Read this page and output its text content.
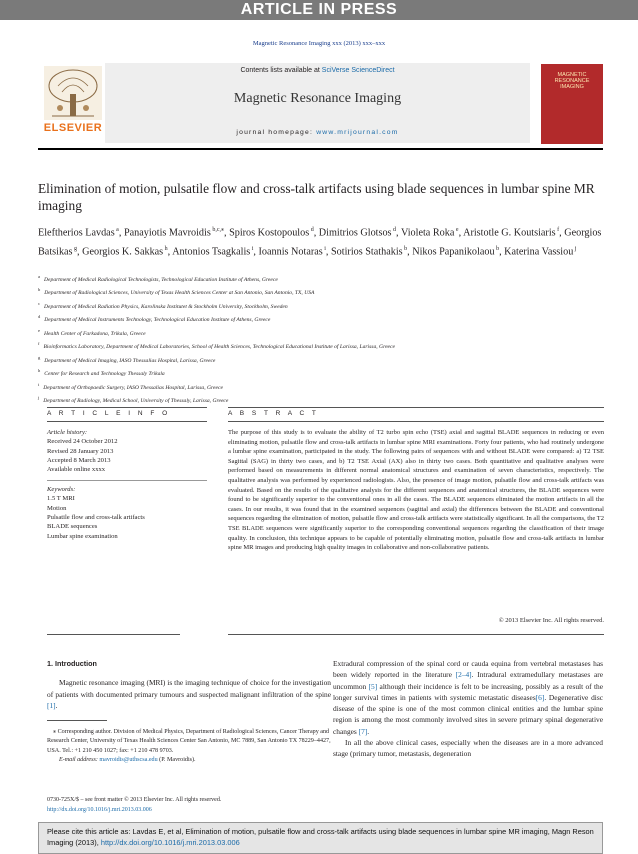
ARTICLE IN PRESS
Magnetic Resonance Imaging xxx (2013) xxx–xxx
Contents lists available at SciVerse ScienceDirect
Magnetic Resonance Imaging
journal homepage: www.mrijournal.com
ELSEVIER
MAGNETIC RESONANCE IMAGING
Elimination of motion, pulsatile flow and cross-talk artifacts using blade sequences in lumbar spine MR imaging
Eleftherios Lavdas $^a$, Panayiotis Mavroidis $^{b,c,⁎}$, Spiros Kostopoulos $^d$, Dimitrios Glotsos $^d$, Violeta Roka $^e$, Aristotle G. Koutsiaris $^f$, Georgios Batsikas $^g$, Georgios K. Sakkas $^h$, Antonios Tsagkalis $^i$, Ioannis Notaras $^i$, Sotirios Stathakis $^b$, Nikos Papanikolaou $^b$, Katerina Vassiou $^j$
$^a$Department of Medical Radiological Technologists, Technological Education Institute of Athens, Greece
$^b$Department of Radiological Sciences, University of Texas Health Sciences Center at San Antonio, San Antonio, TX, USA
$^c$Department of Medical Radiation Physics, Karolinska Institutet & Stockholm University, Stockholm, Sweden
$^d$Department of Medical Instruments Technology, Technological Education Institute of Athens, Greece
$^e$Health Center of Farkadona, Trikala, Greece
$^f$Bioinformatics Laboratory, Department of Medical Laboratories, School of Health Sciences, Technological Educational Institute of Larissa, Larissa, Greece
$^g$Department of Medical Imaging, IASO Thessalias Hospital, Larissa, Greece
$^h$Center for Research and Technology Thessaly Trikala
$^i$Department of Orthopaedic Surgery, IASO Thessalias Hospital, Larissa, Greece
$^j$Department of Radiology, Medical School, University of Thessaly, Larissa, Greece
A R T I C L E I N F O	A B S T R A C T
Article history:
Received 24 October 2012
Revised 28 January 2013
Accepted 8 March 2013
Available online xxxx
Keywords:
1.5 T MRI
Motion
Pulsatile flow and cross-talk artifacts
BLADE sequences
Lumbar spine examination
The purpose of this study is to evaluate the ability of T2 turbo spin echo (TSE) axial and sagittal BLADE sequences in reducing or even eliminating motion, pulsatile flow and cross-talk artifacts in lumbar spine MRI examinations. Forty four patients, who had routinely undergone a lumbar spine examination, participated in the study. The following pairs of sequences with and without BLADE were compared: a) T2 TSE Sagittal (SAG) in thirty two cases, and b) T2 TSE Axial (AX) also in thirty two cases. Both quantitative and qualitative analyses were performed based on measurements in different normal anatomical structures and examination of seven characteristics, respectively. The qualitative analysis was performed by experienced radiologists. Also, the presence of image motion, pulsatile flow and cross-talk artifacts was evaluated. Based on the results of the qualitative analysis for the different sequences and anatomical structures, the BLADE sequences were found to be significantly superior to the conventional ones in all the cases. The BLADE sequences eliminated the motion artifacts in all the cases. In our results, it was found that in the examined sequences (sagittal and axial) the differences between the BLADE and conventional sequences regarding the elimination of motion, pulsatile flow and cross-talk artifacts were statistically significant. In all the comparisons, the T2 TSE BLADE sequences were significantly superior to the corresponding conventional sequences regarding the classification of their image quality. In conclusion, this technique appears to be capable of potentially eliminating motion, pulsatile flow and cross-talk artifacts in lumbar spine MR images and producing high quality images in collaborative and non-collaborative patients.
© 2013 Elsevier Inc. All rights reserved.
1. Introduction
Magnetic resonance imaging (MRI) is the imaging technique of choice for the investigation of patients with documented primary tumours and suspected malignant infiltration of the spine [1].
⁎ Corresponding author. Division of Medical Physics, Department of Radiological Sciences, Cancer Therapy and Research Center, University of Texas Health Sciences Center San Antonio, MC 7889, San Antonio TX 78229–4427, USA. Tel.: +1 210 450 1027; fax: +1 210 478 9703.
E-mail address: mavroidis@uthscsa.edu (P. Mavroidis).
0730-725X/$ – see front matter © 2013 Elsevier Inc. All rights reserved.
http://dx.doi.org/10.1016/j.mri.2013.03.006
Extradural compression of the spinal cord or cauda equina from vertebral metastases has been widely reported in the literature [2–4]. Intradural extramedullary metastases are uncommon [5] although their incidence is felt to be increasing, possibly as a result of the longer survival times in patients with systemic metastatic diseases[6]. Degenerative disc disease of the spine is one of the most common clinical entities and the lumbar spine region is among the most commonly involved sites in severe primary spinal degenerative changes [7].
In all the above clinical cases, especially when the diseases are in a more advanced stage (primary tumor, metastasis, degeneration
Please cite this article as: Lavdas E, et al, Elimination of motion, pulsatile flow and cross-talk artifacts using blade sequences in lumbar spine MR imaging, Magn Reson Imaging (2013), http://dx.doi.org/10.1016/j.mri.2013.03.006
